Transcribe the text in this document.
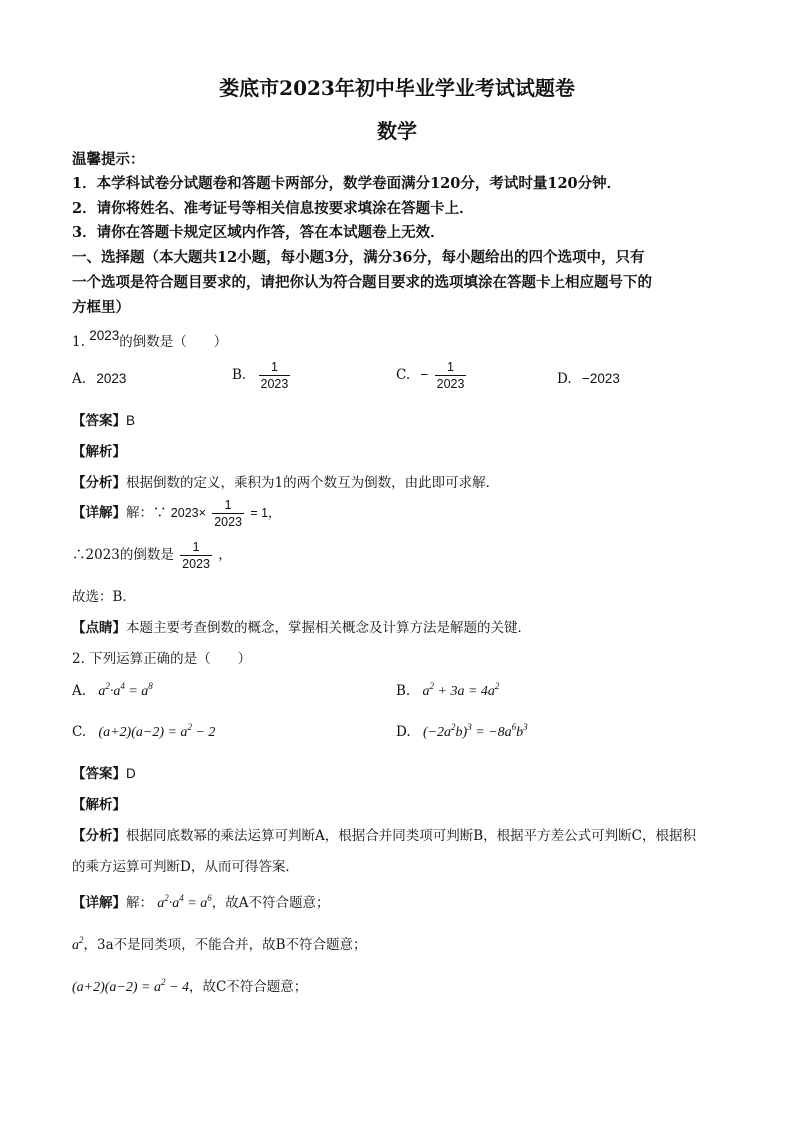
娄底市2023年初中毕业学业考试试题卷
数学
温馨提示：
1．本学科试卷分试题卷和答题卡两部分，数学卷面满分120分，考试时量120分钟．
2．请你将姓名、准考证号等相关信息按要求填涂在答题卡上．
3．请你在答题卡规定区域内作答，答在本试题卷上无效．
一、选择题（本大题共12小题，每小题3分，满分36分，每小题给出的四个选项中，只有
一个选项是符合题目要求的，请把你认为符合题目要求的选项填涂在答题卡上相应题号下的
方框里）
1. 2023的倒数是（　　）
A. 2023	B. $\frac{1}{2023}$	C. − $\frac{1}{2023}$	D. −2023
【答案】B
【解析】
【分析】根据倒数的定义，乘积为1的两个数互为倒数，由此即可求解．
【详解】解：∵ $2023\times \frac{1}{2023} = 1$，
∴2023的倒数是 $\frac{1}{2023}$ ，
故选：B．
【点睛】本题主要考查倒数的概念，掌握相关概念及计算方法是解题的关键．
2. 下列运算正确的是（　　）
A. $a^2\cdot a^4 = a^8$	B. $a^2 + 3a = 4a^2$
C. $(a+2)(a-2) = a^2 - 2$	D. $(-2a^2b)^3 = -8a^6b^3$
【答案】D
【解析】
【分析】根据同底数幂的乘法运算可判断A，根据合并同类项可判断B，根据平方差公式可判断C，根据积
的乘方运算可判断D，从而可得答案．
【详解】解： $a^2\cdot a^4 = a^6$，故A不符合题意；
$a^2$，3a不是同类项，不能合并，故B不符合题意；
$(a+2)(a-2) = a^2 - 4$，故C不符合题意；
